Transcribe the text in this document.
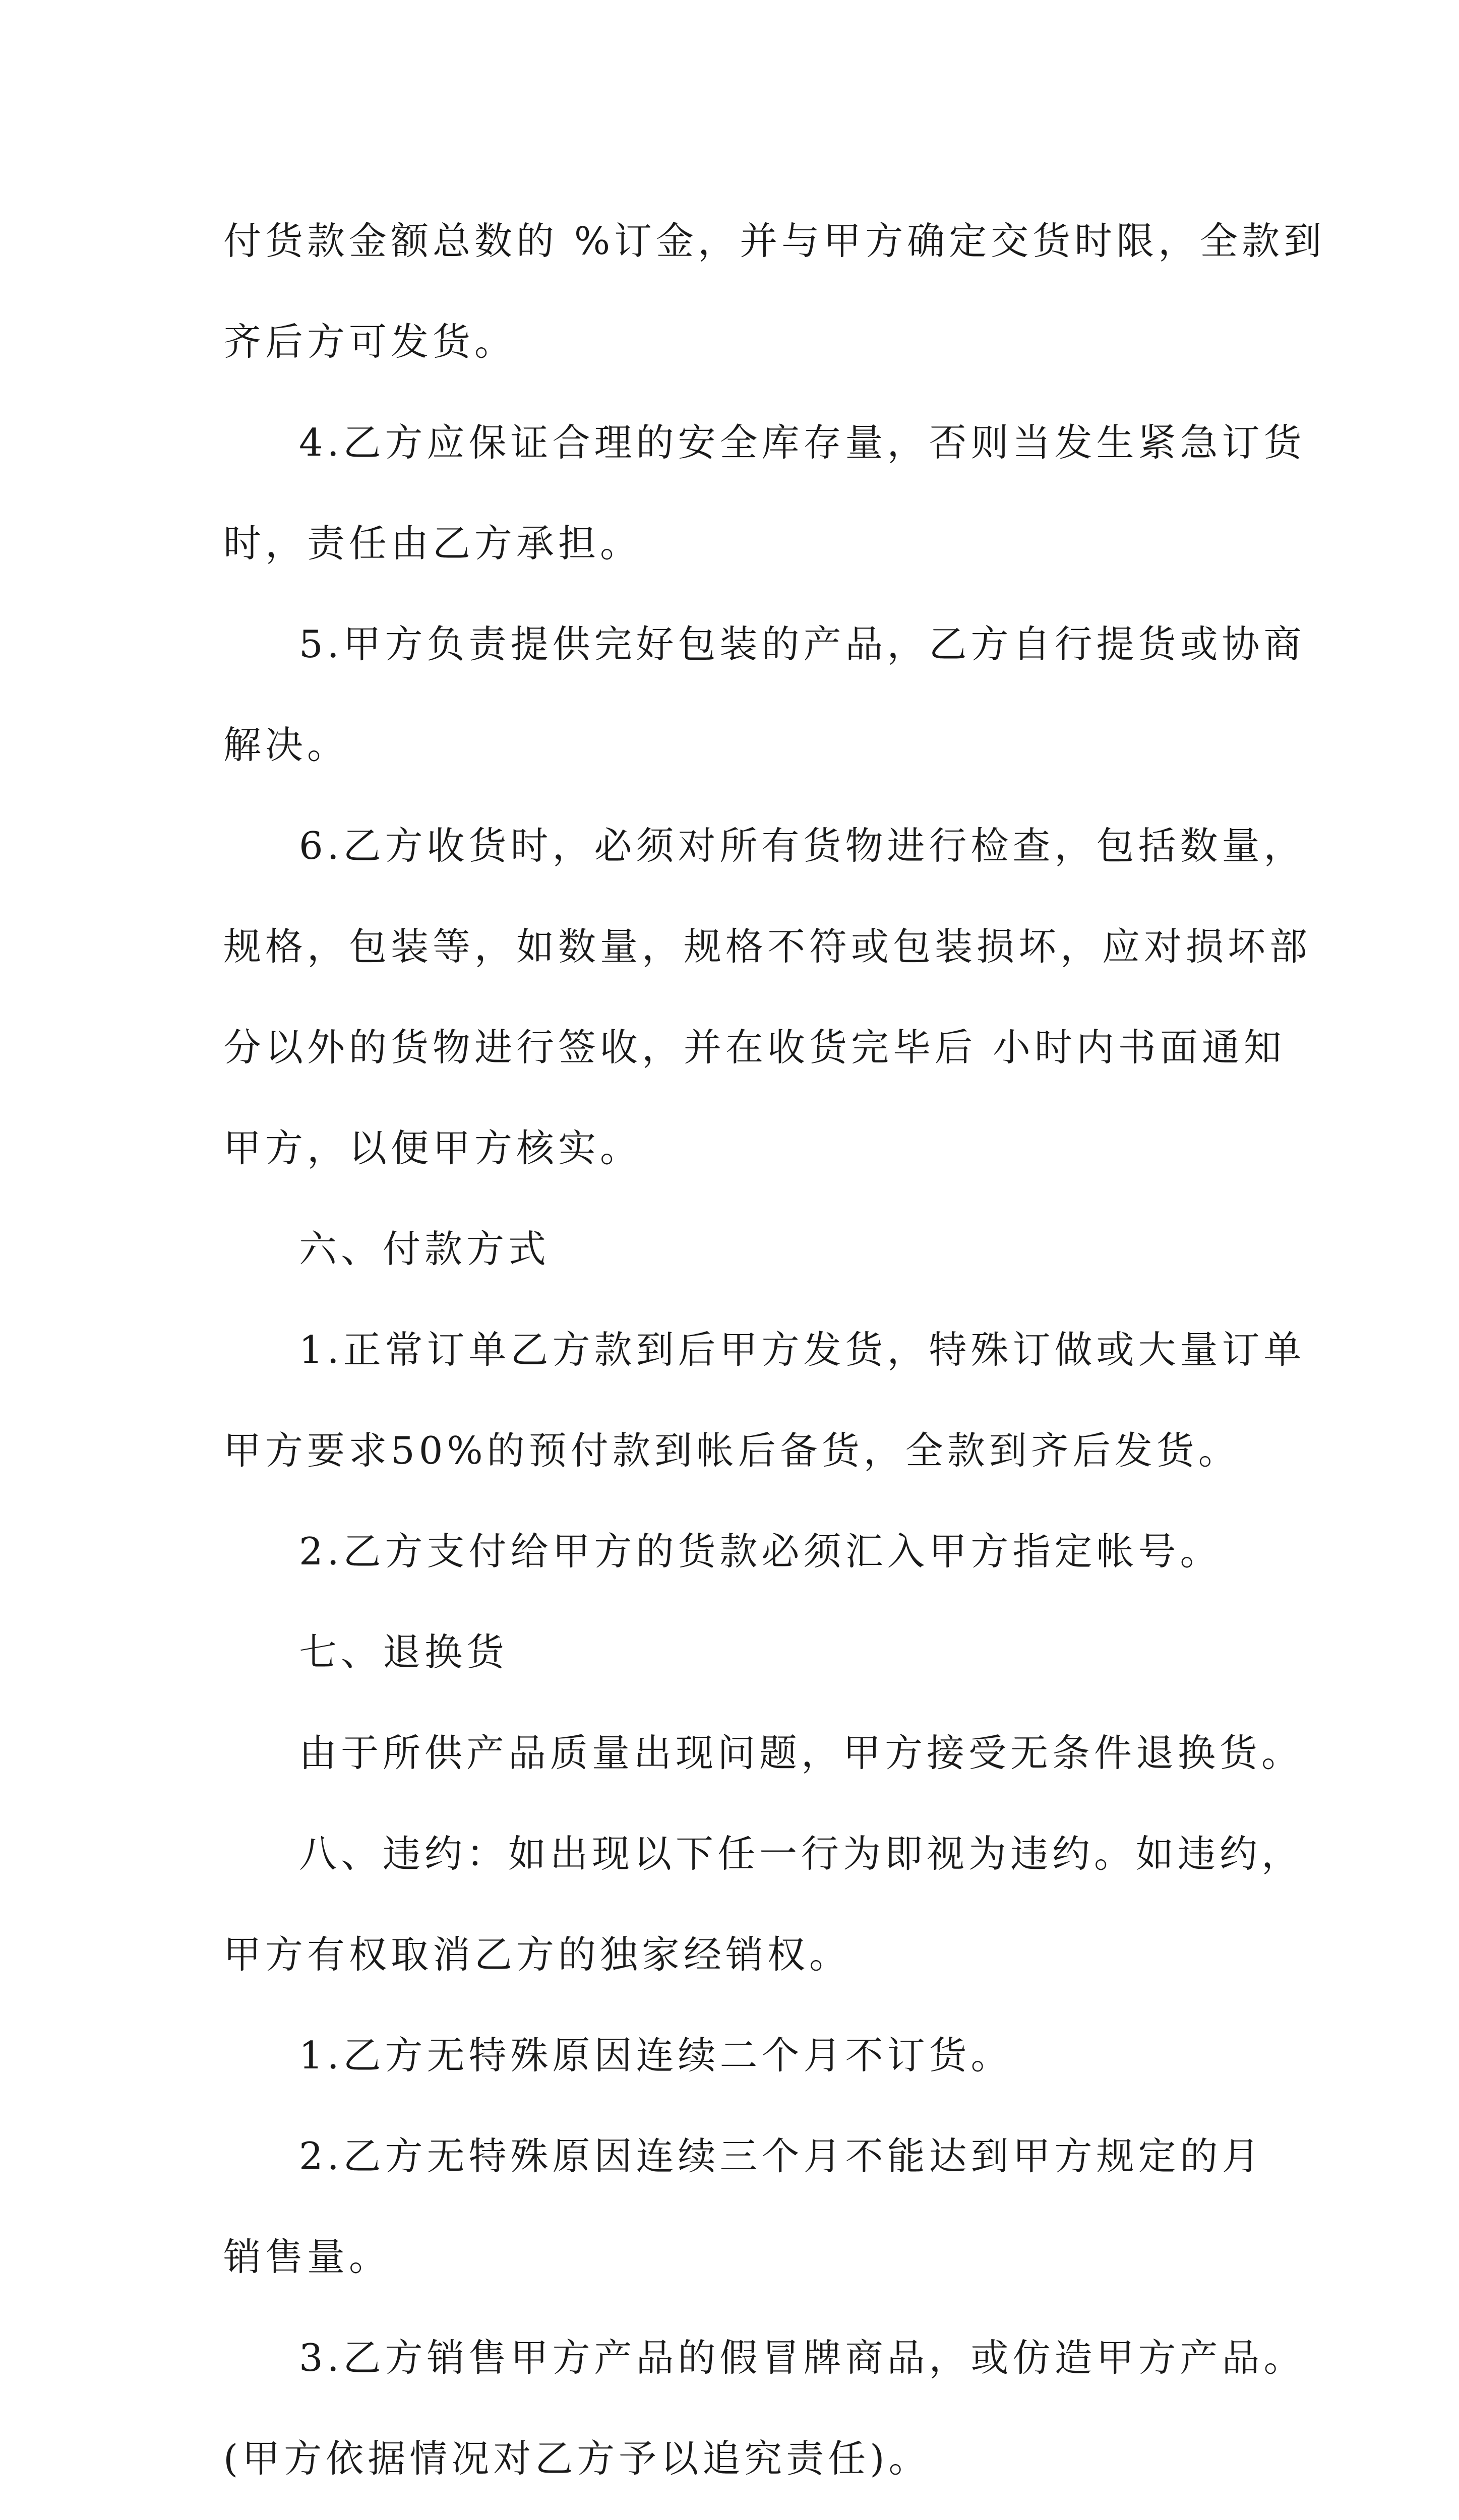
付货款金额总数的 %订金，并与甲方确定交货时限，全款到
齐后方可发货。
4.乙方应保证合理的安全库存量，否则当发生紧急订货
时，责任由乙方承担。
5.甲方负责提供完好包装的产品，乙方自行提货或协商
解决。
6.乙方收货时，必须对所有货物进行检查，包括数量，
规格，包装等，如数量，规格不符或包装损坏，应对损坏部
分以外的货物进行签收，并在收货完毕后 小时内书面通知
甲方，以便甲方核实。
六、付款方式
1.正常订单乙方款到后甲方发货，特殊订做或大量订单
甲方要求50%的预付款到帐后备货，全款到齐后发货。
2.乙方支付给甲方的货款必须汇入甲方指定帐号。
七、退换货
由于所供产品质量出现问题，甲方接受无条件退换货。
八、违约：如出现以下任一行为即视为违约。如违约，
甲方有权取消乙方的独家经销权。
1.乙方无特殊原因连续二个月不订货。
2.乙方无特殊原因连续三个月不能达到甲方规定的月
销售量。
3.乙方销售甲方产品的假冒牌商品，或仿造甲方产品。
(甲方依据情况对乙方予以追究责任)。
